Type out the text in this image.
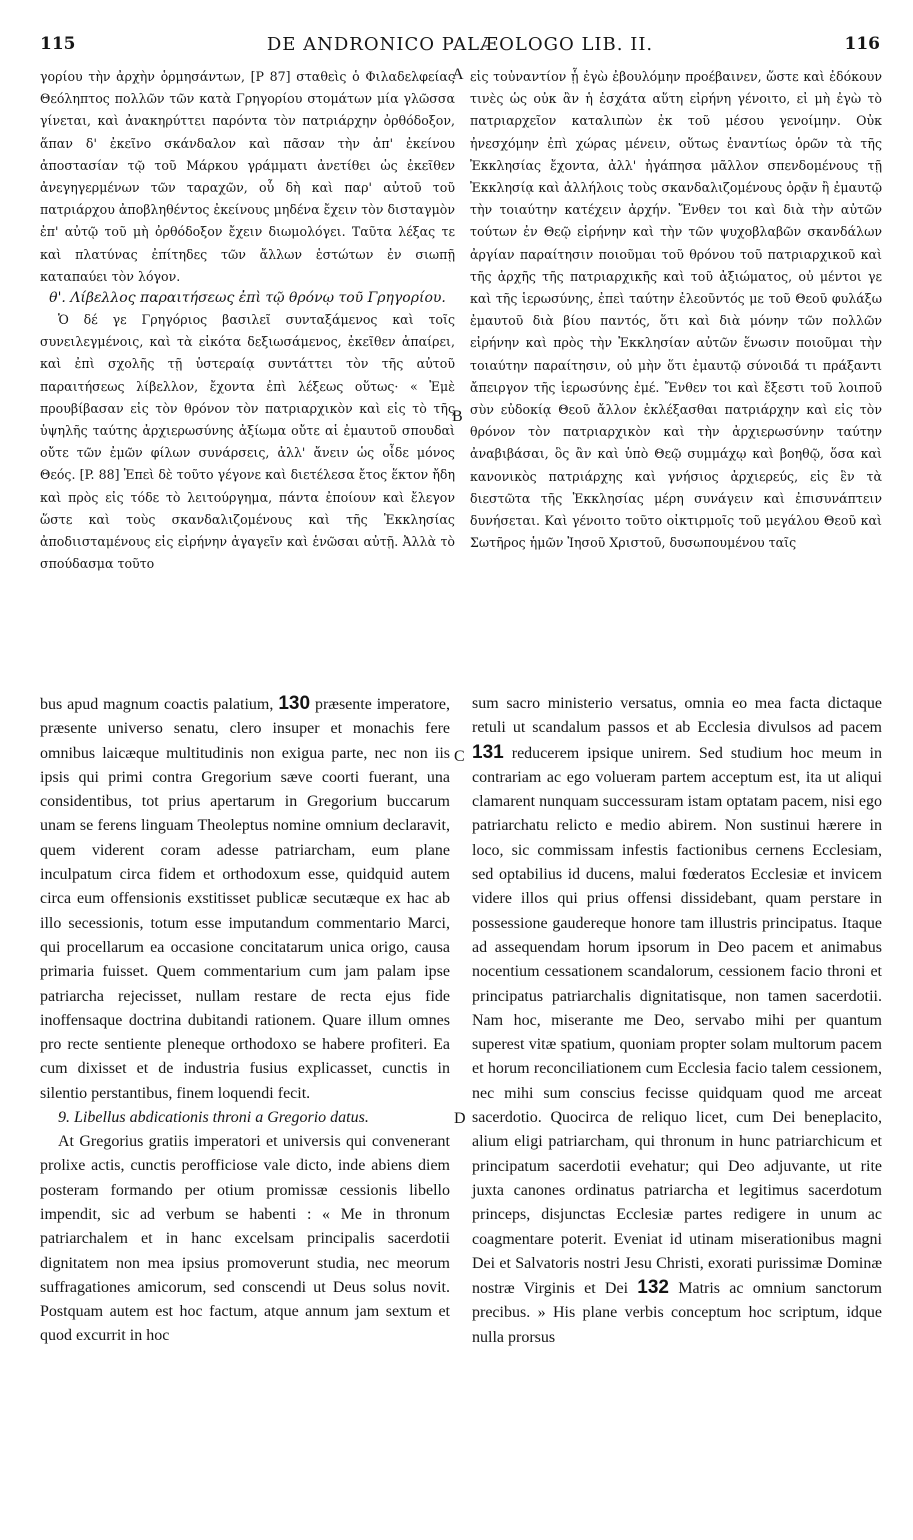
115	DE ANDRONICO PALÆOLOGO LIB. II.	116
A
B
C
D

γορίου τὴν ἀρχὴν ὁρμησάντων, [P 87] σταθεὶς ὁ Φιλαδελφείας Θεόληπτος πολλῶν τῶν κατὰ Γρηγορίου στομάτων μία γλῶσσα γίνεται, καὶ ἀνακηρύττει παρόντα τὸν πατριάρχην ὀρθόδοξον, ἅπαν δ' ἐκεῖνο σκάνδαλον καὶ πᾶσαν τὴν ἀπ' ἐκείνου ἀποστασίαν τῷ τοῦ Μάρκου γράμματι ἀνετίθει ὡς ἐκεῖθεν ἀνεγηγερμένων τῶν ταραχῶν, οὗ δὴ καὶ παρ' αὐτοῦ τοῦ πατριάρχου ἀποβληθέντος ἐκείνους μηδένα ἔχειν τὸν δισταγμὸν ἐπ' αὐτῷ τοῦ μὴ ὀρθόδοξον ἔχειν διωμολόγει. Ταῦτα λέξας τε καὶ πλατύνας ἐπίτηδες τῶν ἄλλων ἑστώτων ἐν σιωπῇ καταπαύει τὸν λόγον.

θ'. Λίβελλος παραιτήσεως ἐπὶ τῷ θρόνῳ τοῦ Γρηγορίου.

Ὁ δέ γε Γρηγόριος βασιλεῖ συνταξάμενος καὶ τοῖς συνειλεγμένοις, καὶ τὰ εἰκότα δεξιωσάμενος, ἐκεῖθεν ἀπαίρει, καὶ ἐπὶ σχολῆς τῇ ὑστεραίᾳ συντάττει τὸν τῆς αὐτοῦ παραιτήσεως λίβελλον, ἔχοντα ἐπὶ λέξεως οὕτως· « Ἐμὲ προυβίβασαν εἰς τὸν θρόνον τὸν πατριαρχικὸν καὶ εἰς τὸ τῆς ὑψηλῆς ταύτης ἀρχιερωσύνης ἀξίωμα οὔτε αἱ ἐμαυτοῦ σπουδαὶ οὔτε τῶν ἐμῶν φίλων συνάρσεις, ἀλλ' ἄνειν ὡς οἶδε μόνος Θεός. [P. 88] Ἐπεὶ δὲ τοῦτο γέγονε καὶ διετέλεσα ἔτος ἕκτον ἤδη καὶ πρὸς εἰς τόδε τὸ λειτούργημα, πάντα ἐποίουν καὶ ἔλεγον ὥστε καὶ τοὺς σκανδαλιζομένους καὶ τῆς Ἐκκλησίας ἀποδιισταμένους εἰς εἰρήνην ἀγαγεῖν καὶ ἑνῶσαι αὐτῇ. Ἀλλὰ τὸ σπούδασμα τοῦτο

εἰς τοὐναντίον ᾗ ἐγὼ ἐβουλόμην προέβαινεν, ὥστε καὶ ἐδόκουν τινὲς ὡς οὐκ ἂν ἡ ἐσχάτα αὕτη εἰρήνη γένοιτο, εἰ μὴ ἐγὼ τὸ πατριαρχεῖον καταλιπὼν ἐκ τοῦ μέσου γενοίμην. Οὐκ ἠνεσχόμην ἐπὶ χώρας μένειν, οὕτως ἐναντίως ὁρῶν τὰ τῆς Ἐκκλησίας ἔχοντα, ἀλλ' ἠγάπησα μᾶλλον σπενδομένους τῇ Ἐκκλησίᾳ καὶ ἀλλήλοις τοὺς σκανδαλιζομένους ὁρᾷν ἢ ἐμαυτῷ τὴν τοιαύτην κατέχειν ἀρχήν. Ἔνθεν τοι καὶ διὰ τὴν αὐτῶν τούτων ἐν Θεῷ εἰρήνην καὶ τὴν τῶν ψυχοβλαβῶν σκανδάλων ἀργίαν παραίτησιν ποιοῦμαι τοῦ θρόνου τοῦ πατριαρχικοῦ καὶ τῆς ἀρχῆς τῆς πατριαρχικῆς καὶ τοῦ ἀξιώματος, οὐ μέντοι γε καὶ τῆς ἱερωσύνης, ἐπεὶ ταύτην ἐλεοῦντός με τοῦ Θεοῦ φυλάξω ἐμαυτοῦ διὰ βίου παντός, ὅτι καὶ διὰ μόνην τῶν πολλῶν εἰρήνην καὶ πρὸς τὴν Ἐκκλησίαν αὐτῶν ἕνωσιν ποιοῦμαι τὴν τοιαύτην παραίτησιν, οὐ μὴν ὅτι ἐμαυτῷ σύνοιδά τι πράξαντι ἄπειργον τῆς ἱερωσύνης ἐμέ. Ἔνθεν τοι καὶ ἔξεστι τοῦ λοιποῦ σὺν εὐδοκίᾳ Θεοῦ ἄλλον ἐκλέξασθαι πατριάρχην καὶ εἰς τὸν θρόνον τὸν πατριαρχικὸν καὶ τὴν ἀρχιερωσύνην ταύτην ἀναβιβάσαι, ὃς ἂν καὶ ὑπὸ Θεῷ συμμάχῳ καὶ βοηθῷ, ὅσα καὶ κανονικὸς πατριάρχης καὶ γνήσιος ἀρχιερεύς, εἰς ἓν τὰ διεστῶτα τῆς Ἐκκλησίας μέρη συνάγειν καὶ ἐπισυνάπτειν δυνήσεται. Καὶ γένοιτο τοῦτο οἰκτιρμοῖς τοῦ μεγάλου Θεοῦ καὶ Σωτῆρος ἡμῶν Ἰησοῦ Χριστοῦ, δυσωπουμένου ταῖς

bus apud magnum coactis palatium, 130 præsente imperatore, præsente universo senatu, clero insuper et monachis fere omnibus laicæque multitudinis non exigua parte, nec non iis ipsis qui primi contra Gregorium sæve coorti fuerant, una considentibus, tot prius apertarum in Gregorium buccarum unam se ferens linguam Theoleptus nomine omnium declaravit, quem viderent coram adesse patriarcham, eum plane inculpatum circa fidem et orthodoxum esse, quidquid autem circa eum offensionis exstitisset publicæ secutæque ex hac ab illo secessionis, totum esse imputandum commentario Marci, qui procellarum ea occasione concitatarum unica origo, causa primaria fuisset. Quem commentarium cum jam palam ipse patriarcha rejecisset, nullam restare de recta ejus fide inoffensaque doctrina dubitandi rationem. Quare illum omnes pro recte sentiente pleneque orthodoxo se habere profiteri. Ea cum dixisset et de industria fusius explicasset, cunctis in silentio perstantibus, finem loquendi fecit.

9. Libellus abdicationis throni a Gregorio datus.

At Gregorius gratiis imperatori et universis qui convenerant prolixe actis, cunctis perofficiose vale dicto, inde abiens diem posteram formando per otium promissæ cessionis libello impendit, sic ad verbum se habenti : « Me in thronum patriarchalem et in hanc excelsam principalis sacerdotii dignitatem non mea ipsius promoverunt studia, nec meorum suffragationes amicorum, sed conscendi ut Deus solus novit. Postquam autem est hoc factum, atque annum jam sextum et quod excurrit in hoc

sum sacro ministerio versatus, omnia eo mea facta dictaque retuli ut scandalum passos et ab Ecclesia divulsos ad pacem 131 reducerem ipsique unirem. Sed studium hoc meum in contrariam ac ego volueram partem acceptum est, ita ut aliqui clamarent nunquam successuram istam optatam pacem, nisi ego patriarchatu relicto e medio abirem. Non sustinui hærere in loco, sic commissam infestis factionibus cernens Ecclesiam, sed optabilius id ducens, malui fœderatos Ecclesiæ et invicem videre illos qui prius offensi dissidebant, quam perstare in possessione gaudereque honore tam illustris principatus. Itaque ad assequendam horum ipsorum in Deo pacem et animabus nocentium cessationem scandalorum, cessionem facio throni et principatus patriarchalis dignitatisque, non tamen sacerdotii. Nam hoc, miserante me Deo, servabo mihi per quantum superest vitæ spatium, quoniam propter solam multorum pacem et horum reconciliationem cum Ecclesia facio talem cessionem, nec mihi sum conscius fecisse quidquam quod me arceat sacerdotio. Quocirca de reliquo licet, cum Dei beneplacito, alium eligi patriarcham, qui thronum in hunc patriarchicum et principatum sacerdotii evehatur; qui Deo adjuvante, ut rite juxta canones ordinatus patriarcha et legitimus sacerdotum princeps, disjunctas Ecclesiæ partes redigere in unum ac coagmentare poterit. Eveniat id utinam miserationibus magni Dei et Salvatoris nostri Jesu Christi, exorati purissimæ Dominæ nostræ Virginis et Dei 132 Matris ac omnium sanctorum precibus. » His plane verbis conceptum hoc scriptum, idque nulla prorsus
